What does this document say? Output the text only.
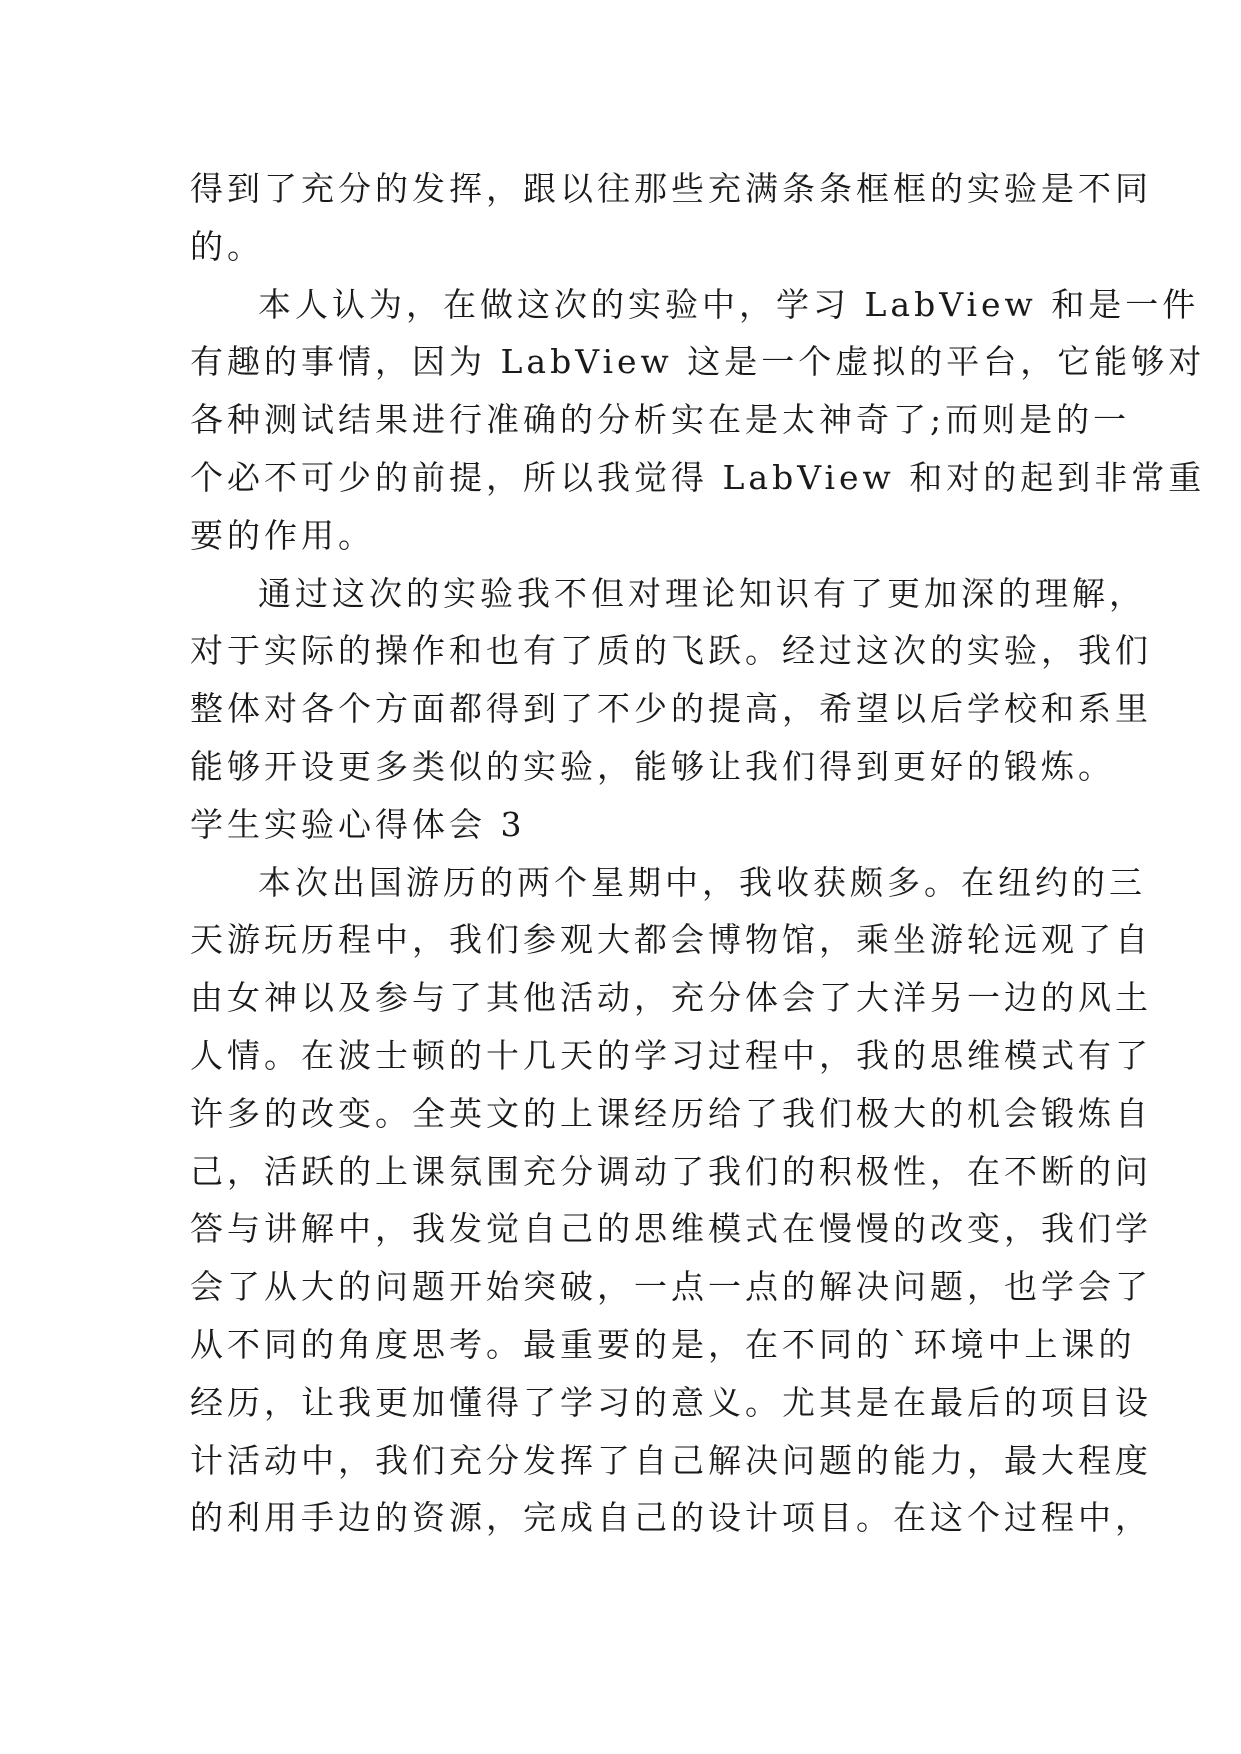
得到了充分的发挥，跟以往那些充满条条框框的实验是不同
的。
本人认为，在做这次的实验中，学习 LabView 和是一件
有趣的事情，因为 LabView 这是一个虚拟的平台，它能够对
各种测试结果进行准确的分析实在是太神奇了;而则是的一
个必不可少的前提，所以我觉得 LabView 和对的起到非常重
要的作用。
通过这次的实验我不但对理论知识有了更加深的理解，
对于实际的操作和也有了质的飞跃。经过这次的实验，我们
整体对各个方面都得到了不少的提高，希望以后学校和系里
能够开设更多类似的实验，能够让我们得到更好的锻炼。
学生实验心得体会 3
本次出国游历的两个星期中，我收获颇多。在纽约的三
天游玩历程中，我们参观大都会博物馆，乘坐游轮远观了自
由女神以及参与了其他活动，充分体会了大洋另一边的风土
人情。在波士顿的十几天的学习过程中，我的思维模式有了
许多的改变。全英文的上课经历给了我们极大的机会锻炼自
己，活跃的上课氛围充分调动了我们的积极性，在不断的问
答与讲解中，我发觉自己的思维模式在慢慢的改变，我们学
会了从大的问题开始突破，一点一点的解决问题，也学会了
从不同的角度思考。最重要的是，在不同的`环境中上课的
经历，让我更加懂得了学习的意义。尤其是在最后的项目设
计活动中，我们充分发挥了自己解决问题的能力，最大程度
的利用手边的资源，完成自己的设计项目。在这个过程中，
